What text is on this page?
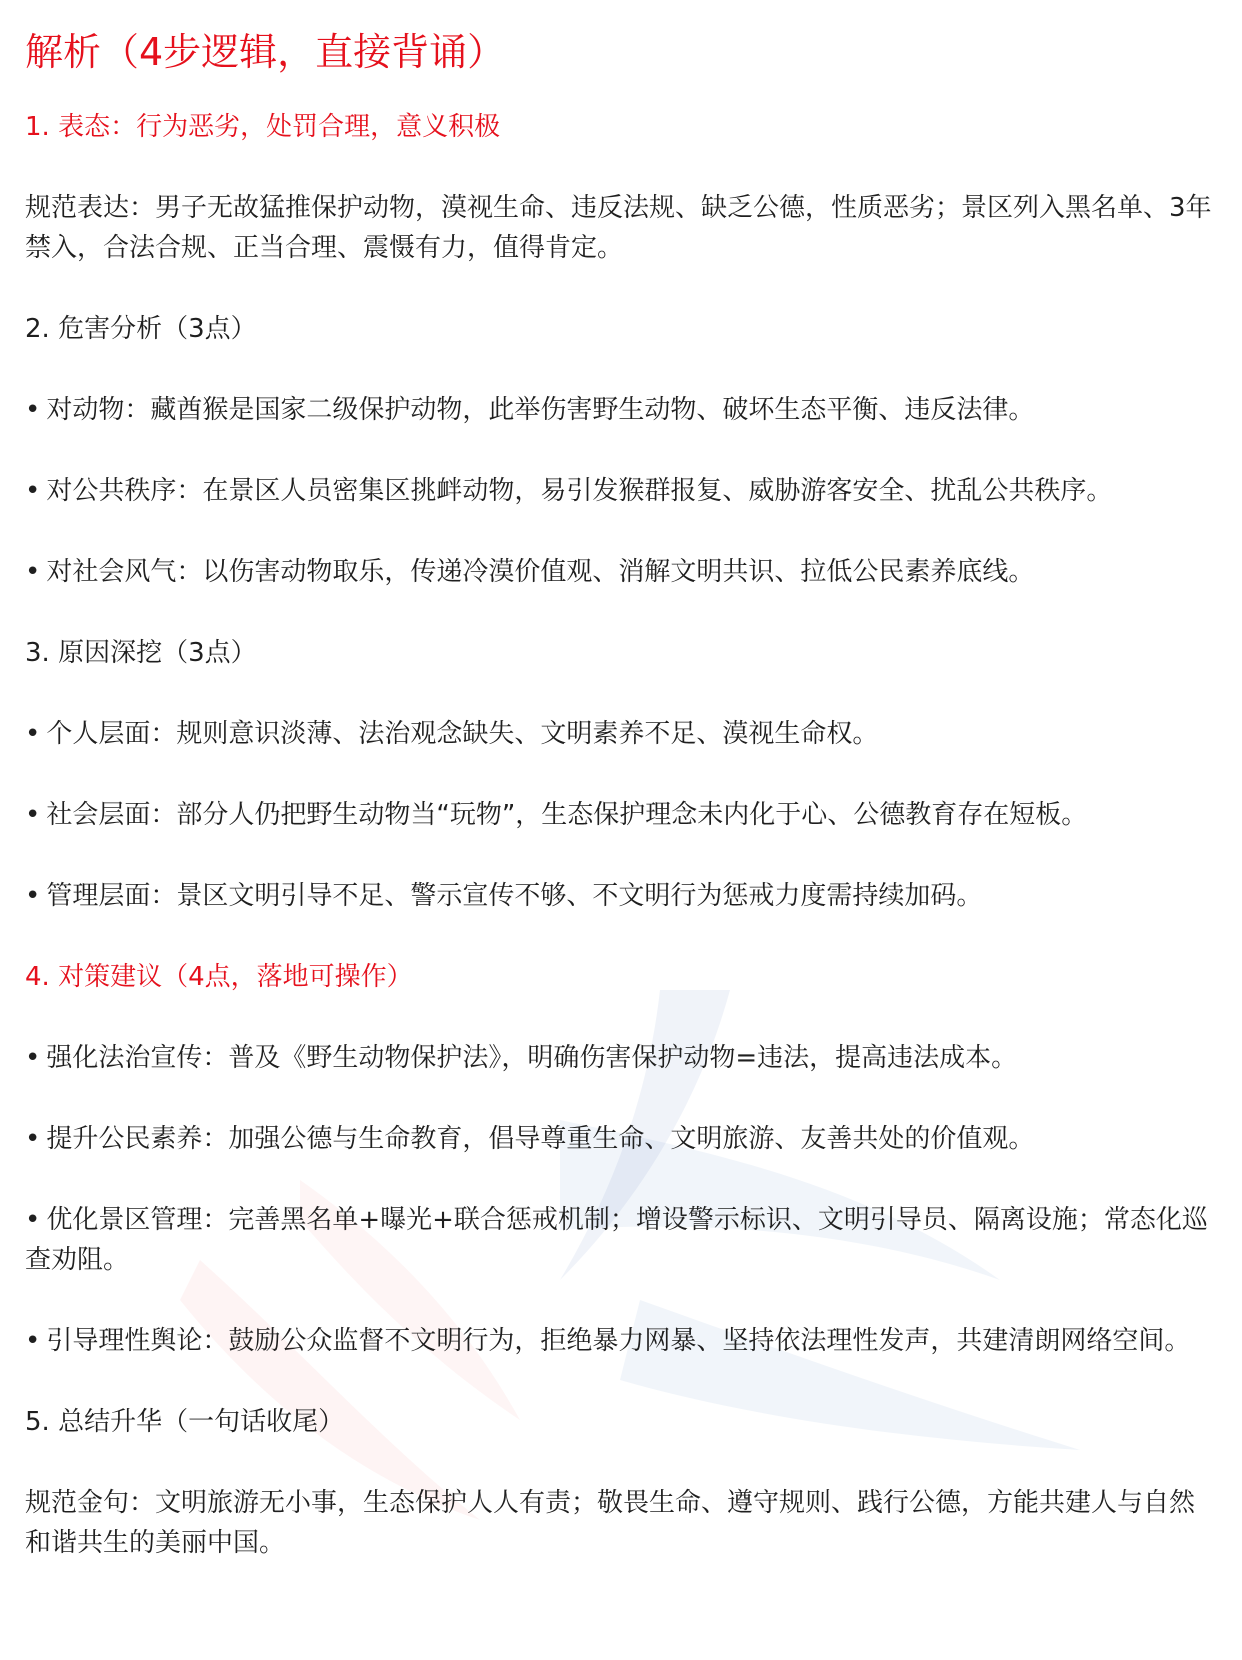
解析（4步逻辑，直接背诵）

1. 表态：行为恶劣，处罚合理，意义积极

规范表达：男子无故猛推保护动物，漠视生命、违反法规、缺乏公德，性质恶劣；景区列入黑名单、3年禁入，合法合规、正当合理、震慑有力，值得肯定。

2. 危害分析（3点）

• 对动物：藏酋猴是国家二级保护动物，此举伤害野生动物、破坏生态平衡、违反法律。

• 对公共秩序：在景区人员密集区挑衅动物，易引发猴群报复、威胁游客安全、扰乱公共秩序。

• 对社会风气：以伤害动物取乐，传递冷漠价值观、消解文明共识、拉低公民素养底线。

3. 原因深挖（3点）

• 个人层面：规则意识淡薄、法治观念缺失、文明素养不足、漠视生命权。

• 社会层面：部分人仍把野生动物当“玩物”，生态保护理念未内化于心、公德教育存在短板。

• 管理层面：景区文明引导不足、警示宣传不够、不文明行为惩戒力度需持续加码。

4. 对策建议（4点，落地可操作）

• 强化法治宣传：普及《野生动物保护法》，明确伤害保护动物=违法，提高违法成本。

• 提升公民素养：加强公德与生命教育，倡导尊重生命、文明旅游、友善共处的价值观。

• 优化景区管理：完善黑名单+曝光+联合惩戒机制；增设警示标识、文明引导员、隔离设施；常态化巡查劝阻。

• 引导理性舆论：鼓励公众监督不文明行为，拒绝暴力网暴、坚持依法理性发声，共建清朗网络空间。

5. 总结升华（一句话收尾）

规范金句：文明旅游无小事，生态保护人人有责；敬畏生命、遵守规则、践行公德，方能共建人与自然和谐共生的美丽中国。
